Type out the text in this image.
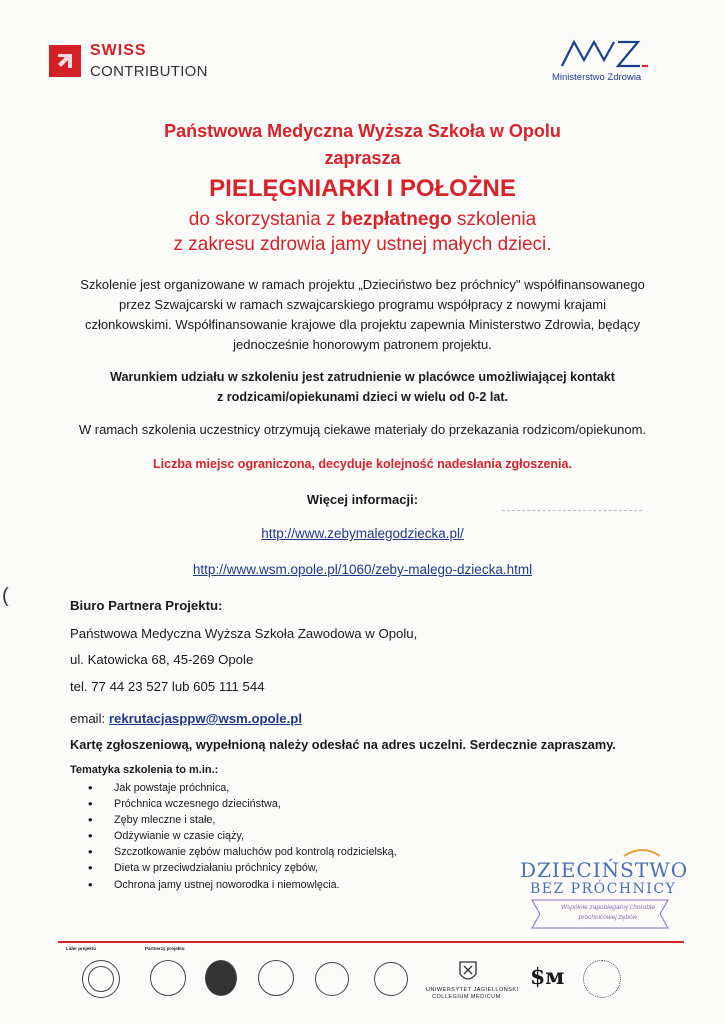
SWISS
CONTRIBUTION	Ministerstwo Zdrowia
Państwowa Medyczna Wyższa Szkoła w Opolu
zaprasza
PIELĘGNIARKI I POŁOŻNE
do skorzystania z bezpłatnego szkolenia
z zakresu zdrowia jamy ustnej małych dzieci.
Szkolenie jest organizowane w ramach projektu „Dzieciństwo bez próchnicy" współfinansowanego
przez Szwajcarski w ramach szwajcarskiego programu współpracy z nowymi krajami
członkowskimi. Współfinansowanie krajowe dla projektu zapewnia Ministerstwo Zdrowia, będący
jednocześnie honorowym patronem projektu.
Warunkiem udziału w szkoleniu jest zatrudnienie w placówce umożliwiającej kontakt
z rodzicami/opiekunami dzieci w wielu od 0-2 lat.
W ramach szkolenia uczestnicy otrzymują ciekawe materiały do przekazania rodzicom/opiekunom.
Liczba miejsc ograniczona, decyduje kolejność nadesłania zgłoszenia.
Więcej informacji:
http://www.zebymalegodziecka.pl/
http://www.wsm.opole.pl/1060/zeby-malego-dziecka.html
(	Biuro Partnera Projektu:
Państwowa Medyczna Wyższa Szkoła Zawodowa w Opolu,
ul. Katowicka 68, 45-269 Opole
tel. 77 44 23 527 lub 605 111 544
email: rekrutacjasppw@wsm.opole.pl
Kartę zgłoszeniową, wypełnioną należy odesłać na adres uczelni. Serdecznie zapraszamy.
Tematyka szkolenia to m.in.:
• Jak powstaje próchnica,
• Próchnica wczesnego dzieciństwa,
• Zęby mleczne i stałe,
• Odżywianie w czasie ciąży,
• Szczotkowanie zębów maluchów pod kontrolą rodzicielską,
• Dieta w przeciwdziałaniu próchnicy zębów,
• Ochrona jamy ustnej noworodka i niemowlęcia.
DZIECIŃSTWO
BEZ PRÓCHNICY
Wspólnie zapobiegamy chorobie
próchnicowej zębów
Lider projektu	Partnerzy projektu
UNIWERSYTET JAGIELLOŃSKI
COLLEGIUM MEDICUM
$ᴍ
